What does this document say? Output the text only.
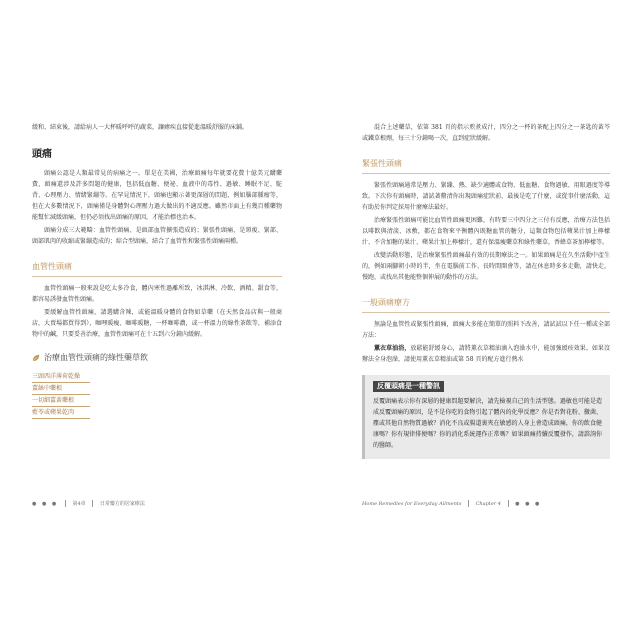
緩和、結束後，請給病人一大杯暖呼呼的蔬菜，讓瘧疾直接從進溫暖舒服的床鋪。

頭痛

頭痛公認是人類最常見的病痛之一。單是在美國，治療頭痛每年就要花費十億美元購藥費，頭痛還涉及許多問題的健康，包括低血糖、便祕、血液中的毒性、過敏、睡眠不足、駝背、心理壓力、情緒緊繃等。在罕見情況下，頭痛也顯示著更深層的問題，例如腦部腫瘤等，但在大多數情況下，頭痛僅是身體對心理壓力過大做出的不適反應。雖然市面上有幾百種藥物能幫忙減緩頭痛，但仍必須找出頭痛的原因，才能治標也治本。

頭痛分成三大範疇：血管性頭痛、是頭部血管擴張造成的；緊張性頭痛，是頸痠、緊部、頭部肌肉的收縮或緊繃造成的；綜合型頭痛，結合了血管性和緊張性頭痛兩種。

血管性頭痛

血管性頭痛一般來說是吃太多冷食，體內寒性過離所致，冰淇淋、冷飲、酒精、甜食等，都容易誘發血管性頭痛。

要緩解血管性頭痛，請選購含辣，或能溫暖身體的食物如草藥（在天然食品店與一般商店，大賣場都買得到），咖哩暖瘦、咖啡暖糖，一杯咖啡濃，或一杯溫力的綠性茶飲等，補添食物中的鹹，只要妥善治療，血管性頭痛可在十五到六分鐘內緩解。

治療血管性頭痛的綠性藥草飲
三頭西洋薄荷乾燥
薑絲中藥根
一切細薑黃藥根
藍苓或蘋果乾肉

混合上述藥草，依第 381 頁的指示煎煮成汁，四分之一杯的茶配上四分之一茶匙的黃芩或鐵草根劑，每三十分鐘喝一次，直到症狀緩解。

緊張性頭痛

緊張性頭痛通常是壓力、緊繃、熱、缺少適體或食物、低血糖、食物過敏、用眼過度等導致。下次你有頭痛時，請試著釐清你出現頭痛症狀前，最後是吃了什麼，或從事什麼活動，這有助於你判定採用什麼療法最好。

治療緊張性頭痛可能比血管性頭痛更困難，有時要三中四分之三付有反應，治療方法包括以啡飲與清淡、冰敷，都在食物來平衡體內既糖血管的糖分，這類食物包括蘋果汁加上檸檬汁、不含加糖的果汁、蘋果汁加上檸檬汁，還有保溫瘦藥草和綠性藥草，香蜂草茶加檸檬等。

改變活動形態，是治療緊張性頭痛最有效的長期療法之一。如果頭痛是在久坐活動中產生的，例如兩腳朝小時的半，坐在電腦前工作、長時間開會等，請在休息時多多走動，請快走，慢跑，或找出其他能整個伸展的動作的方法。

一般頭痛療方

無論是血管性或緊張性頭痛，頭痛大多能在簡單的照料下改善，請試試以下任一種或全部方法：

薰衣草油浴，放鬆能舒緩身心，請將薰衣草精油滴入泡澡水中，能加強緩疹效果。如果沒辦法全身泡澡，請使用薰衣草精油或第 58 頁的配方進行熱水

反覆頭痛是一種警訊

反覆頭痛表示你有深層的健康問題要解決，請先檢視自己的生活型態。過敏也可能是造成反覆頭痛的原因，是不是你吃的食物引起了體內的化學反應？你是否對花粉、黴菌、塵或其他自然物質過敏？消化不良或腸道裏夾在敏感的人身上會造成頭痛，你的飲食健康嗎？你有規律排便嗎？你的消化系統運作正常嗎？如果頭痛持續反覆發作，請諮詢你的醫師。

● ● ●	第4章	日常藥方的居家療法	Home Remedies for Everyday Ailments	Chapter 4	● ● ●
